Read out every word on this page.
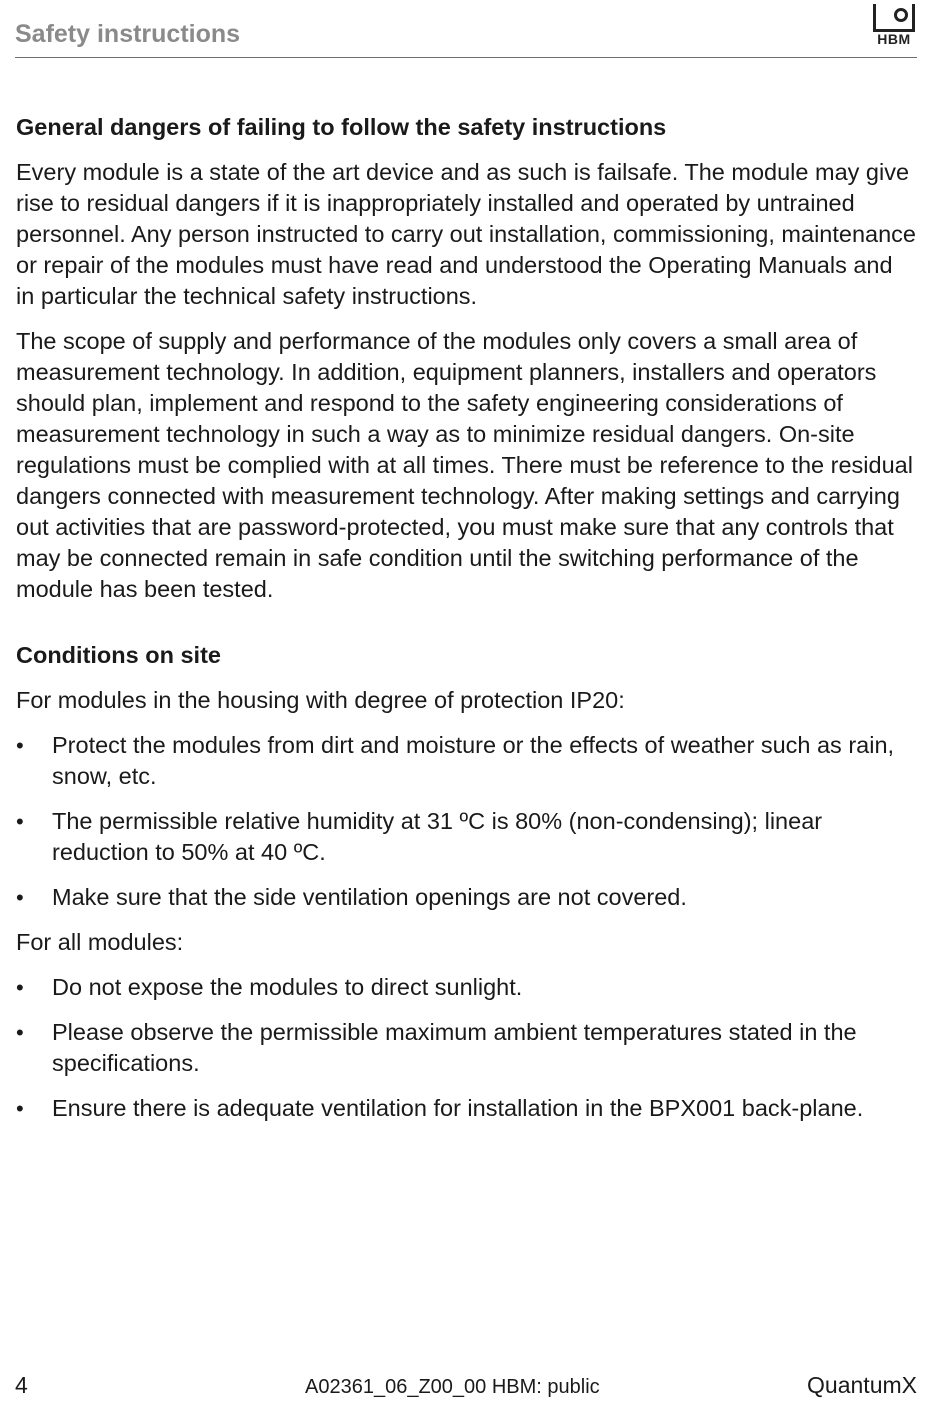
Safety instructions	HBM
General dangers of failing to follow the safety instructions

Every module is a state of the art device and as such is failsafe. The module may give rise to residual dangers if it is inappropriately installed and operated by untrained personnel. Any person instructed to carry out installation, commissioning, maintenance or repair of the modules must have read and understood the Operating Manuals and in particular the technical safety instructions.

The scope of supply and performance of the modules only covers a small area of measurement technology. In addition, equipment planners, installers and operators should plan, implement and respond to the safety engineering considerations of measurement technology in such a way as to minimize residual dangers. On-site regulations must be complied with at all times. There must be reference to the residual dangers connected with measurement technology. After making settings and carrying out activities that are password-protected, you must make sure that any controls that may be connected remain in safe condition until the switching performance of the module has been tested.

Conditions on site

For modules in the housing with degree of protection IP20:

• Protect the modules from dirt and moisture or the effects of weather such as rain, snow, etc.
• The permissible relative humidity at 31 ºC is 80% (non-condensing); linear reduction to 50% at 40 ºC.
• Make sure that the side ventilation openings are not covered.

For all modules:

• Do not expose the modules to direct sunlight.
• Please observe the permissible maximum ambient temperatures stated in the specifications.
• Ensure there is adequate ventilation for installation in the BPX001 back-plane.
4	A02361_06_Z00_00 HBM: public	QuantumX
